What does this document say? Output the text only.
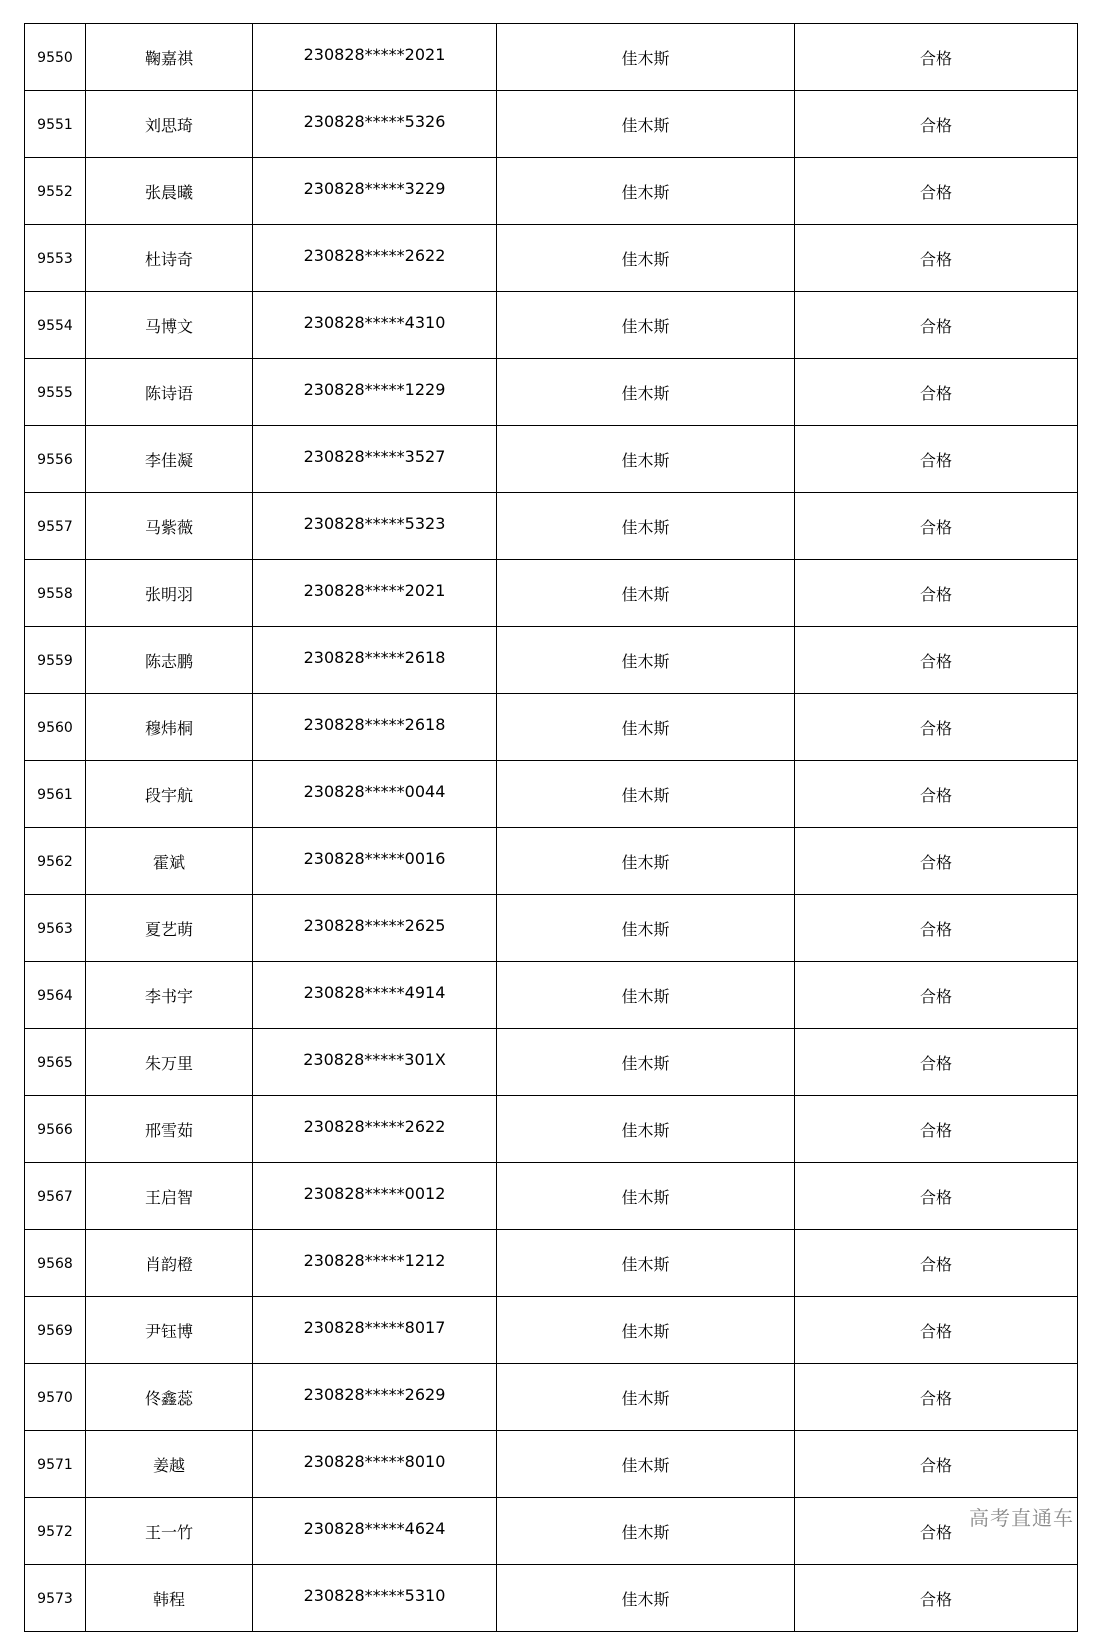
9550	鞠嘉祺	230828*****2021	佳木斯	合格
9551	刘思琦	230828*****5326	佳木斯	合格
9552	张晨曦	230828*****3229	佳木斯	合格
9553	杜诗奇	230828*****2622	佳木斯	合格
9554	马博文	230828*****4310	佳木斯	合格
9555	陈诗语	230828*****1229	佳木斯	合格
9556	李佳凝	230828*****3527	佳木斯	合格
9557	马紫薇	230828*****5323	佳木斯	合格
9558	张明羽	230828*****2021	佳木斯	合格
9559	陈志鹏	230828*****2618	佳木斯	合格
9560	穆炜桐	230828*****2618	佳木斯	合格
9561	段宇航	230828*****0044	佳木斯	合格
9562	霍斌	230828*****0016	佳木斯	合格
9563	夏艺萌	230828*****2625	佳木斯	合格
9564	李书宇	230828*****4914	佳木斯	合格
9565	朱万里	230828*****301X	佳木斯	合格
9566	邢雪茹	230828*****2622	佳木斯	合格
9567	王启智	230828*****0012	佳木斯	合格
9568	肖韵橙	230828*****1212	佳木斯	合格
9569	尹钰博	230828*****8017	佳木斯	合格
9570	佟鑫蕊	230828*****2629	佳木斯	合格
9571	姜越	230828*****8010	佳木斯	合格
9572	王一竹	230828*****4624	佳木斯	合格
9573	韩程	230828*****5310	佳木斯	合格
高考直通车
